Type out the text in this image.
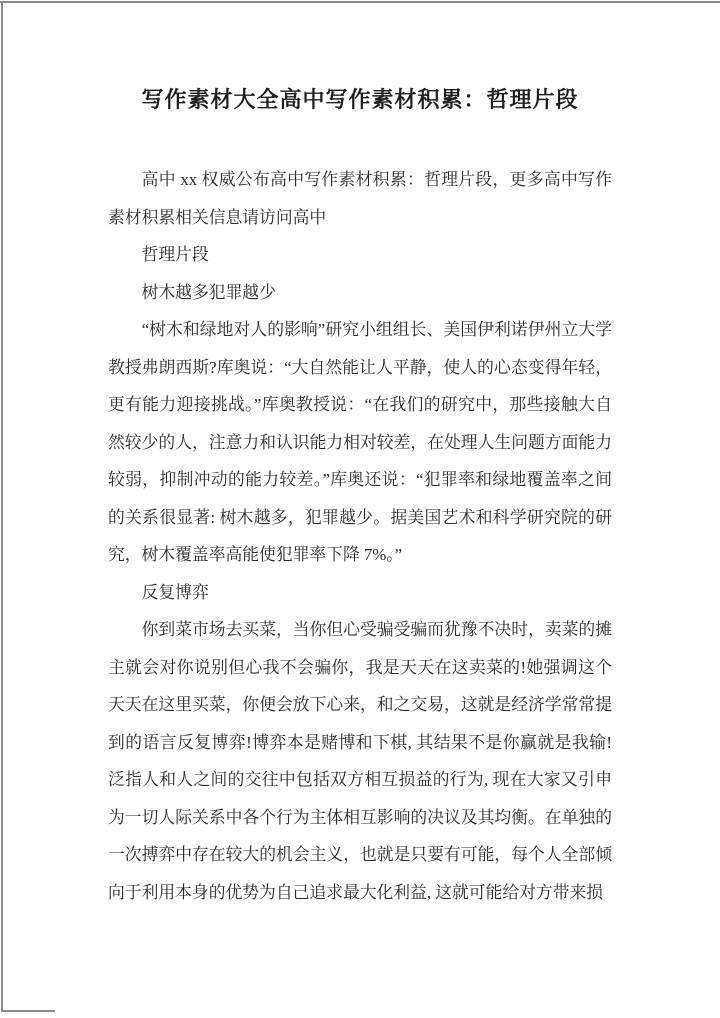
写作素材大全高中写作素材积累：哲理片段

高中 xx 权威公布高中写作素材积累：哲理片段，更多高中写作素材积累相关信息请访问高中

哲理片段

树木越多犯罪越少

“树木和绿地对人的影响”研究小组组长、美国伊利诺伊州立大学教授弗朗西斯?库奥说：“大自然能让人平静，使人的心态变得年轻，更有能力迎接挑战。”库奥教授说：“在我们的研究中，那些接触大自然较少的人，注意力和认识能力相对较差，在处理人生问题方面能力较弱，抑制冲动的能力较差。”库奥还说：“犯罪率和绿地覆盖率之间的关系很显著: 树木越多，犯罪越少。据美国艺术和科学研究院的研究，树木覆盖率高能使犯罪率下降 7%。”

反复博弈

你到菜市场去买菜，当你但心受骗受骗而犹豫不决时，卖菜的摊主就会对你说别但心我不会骗你，我是天天在这卖菜的!她强调这个天天在这里买菜，你便会放下心来，和之交易，这就是经济学常常提到的语言反复博弈!博弈本是赌博和下棋, 其结果不是你赢就是我输!泛指人和人之间的交往中包括双方相互损益的行为, 现在大家又引申为一切人际关系中各个行为主体相互影响的决议及其均衡。在单独的一次搏弈中存在较大的机会主义，也就是只要有可能，每个人全部倾向于利用本身的优势为自己追求最大化利益, 这就可能给对方带来损
